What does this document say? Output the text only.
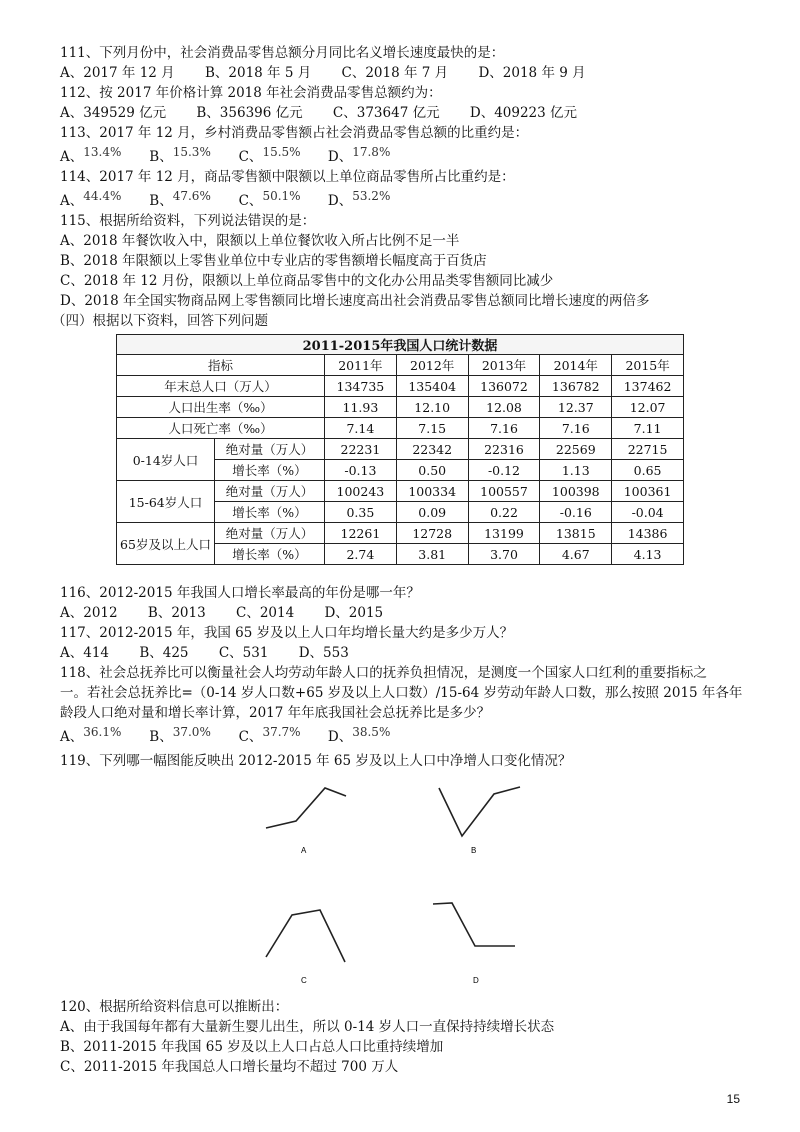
111、下列月份中，社会消费品零售总额分月同比名义增长速度最快的是：
A、2017 年 12 月 B、2018 年 5 月 C、2018 年 7 月 D、2018 年 9 月
112、按 2017 年价格计算 2018 年社会消费品零售总额约为：
A、349529 亿元 B、356396 亿元 C、373647 亿元 D、409223 亿元
113、2017 年 12 月，乡村消费品零售额占社会消费品零售总额的比重约是：
A、13.4% B、15.3% C、15.5% D、17.8%
114、2017 年 12 月，商品零售额中限额以上单位商品零售所占比重约是：
A、44.4% B、47.6% C、50.1% D、53.2%
115、根据所给资料，下列说法错误的是：
A、2018 年餐饮收入中，限额以上单位餐饮收入所占比例不足一半
B、2018 年限额以上零售业单位中专业店的零售额增长幅度高于百货店
C、2018 年 12 月份，限额以上单位商品零售中的文化办公用品类零售额同比减少
D、2018 年全国实物商品网上零售额同比增长速度高出社会消费品零售总额同比增长速度的两倍多
（四）根据以下资料，回答下列问题
2011-2015年我国人口统计数据						
指标		2011年	2012年	2013年	2014年	2015年
年末总人口（万人）		134735	135404	136072	136782	137462
人口出生率（‰）		11.93	12.10	12.08	12.37	12.07
人口死亡率（‰）		7.14	7.15	7.16	7.16	7.11
0-14岁人口	绝对量（万人）	22231	22342	22316	22569	22715
	增长率（%）	-0.13	0.50	-0.12	1.13	0.65
15-64岁人口	绝对量（万人）	100243	100334	100557	100398	100361
	增长率（%）	0.35	0.09	0.22	-0.16	-0.04
65岁及以上人口	绝对量（万人）	12261	12728	13199	13815	14386
	增长率（%）	2.74	3.81	3.70	4.67	4.13
116、2012-2015 年我国人口增长率最高的年份是哪一年？
A、2012 B、2013 C、2014 D、2015
117、2012-2015 年，我国 65 岁及以上人口年均增长量大约是多少万人？
A、414 B、425 C、531 D、553
118、社会总抚养比可以衡量社会人均劳动年龄人口的抚养负担情况，是测度一个国家人口红利的重要指标之
一。若社会总抚养比=（0-14 岁人口数+65 岁及以上人口数）/15-64 岁劳动年龄人口数，那么按照 2015 年各年
龄段人口绝对量和增长率计算，2017 年年底我国社会总抚养比是多少？
A、36.1% B、37.0% C、37.7% D、38.5%
119、下列哪一幅图能反映出 2012-2015 年 65 岁及以上人口中净增人口变化情况？
A	B
C	D
120、根据所给资料信息可以推断出：
A、由于我国每年都有大量新生婴儿出生，所以 0-14 岁人口一直保持持续增长状态
B、2011-2015 年我国 65 岁及以上人口占总人口比重持续增加
C、2011-2015 年我国总人口增长量均不超过 700 万人
15
